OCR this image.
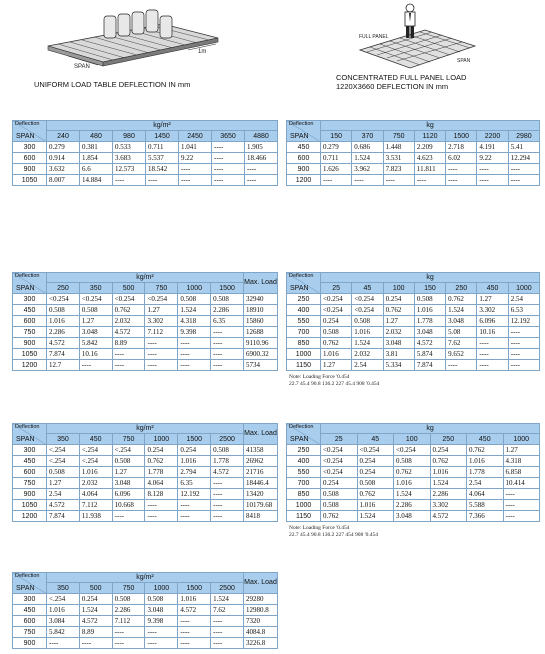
SPAN
1m
UNIFORM LOAD TABLE DEFLECTION IN mm
FULL PANEL
SPAN
CONCENTRATED FULL PANEL LOAD
1220X3660 DEFLECTION IN mm
Deflection
SPAN	kg/m²						
	240	480	980	1450	2450	3650	4880
300	0.279	0.381	0.533	0.711	1.041	----	1.905
600	0.914	1.854	3.683	5.537	9.22	----	18.466
900	3.632	6.6	12.573	18.542	----	----	----
1050	8.007	14.884	----	----	----	----	----
Deflection
SPAN	kg						
	150	370	750	1120	1500	2200	2980
450	0.279	0.686	1.448	2.209	2.718	4.191	5.41
600	0.711	1.524	3.531	4.623	6.02	9.22	12.294
900	1.626	3.962	7.823	11.811	----	----	----
1200	----	----	----	----	----	----	----
Deflection
SPAN	kg/m²						Max. Load
	250	350	500	750	1000	1500	
300	<0.254	<0.254	<0.254	<0.254	0.508	0.508	32940
450	0.508	0.508	0.762	1.27	1.524	2.286	18910
600	1.016	1.27	2.032	3.302	4.318	6.35	15860
750	2.286	3.048	4.572	7.112	9.398	----	12688
900	4.572	5.842	8.89	----	----	----	9110.96
1050	7.874	10.16	----	----	----	----	6900.32
1200	12.7	----	----	----	----	----	5734
Deflection
SPAN	kg						
	25	45	100	150	250	450	1000
250	<0.254	<0.254	0.254	0.508	0.762	1.27	2.54
400	<0.254	<0.254	0.762	1.016	1.524	3.302	6.53
550	0.254	0.508	1.27	1.778	3.048	6.096	12.192
700	0.508	1.016	2.032	3.048	5.08	10.16	----
850	0.762	1.524	3.048	4.572	7.62	----	----
1000	1.016	2.032	3.81	5.874	9.652	----	----
1150	1.27	2.54	5.334	7.874	----	----	----
Note: Loading Force '0.454
22.7 45.4 90.8 136.2 227 45.4 908 '0.454
Deflection
SPAN	kg/m²						Max. Load
	350	450	750	1000	1500	2500	
300	<.254	<.254	<.254	0.254	0.254	0.508	41358
450	<.254	<.254	0.508	0.762	1.016	1.778	26962
600	0.508	1.016	1.27	1.778	2.794	4.572	21716
750	1.27	2.032	3.048	4.064	6.35	----	18446.4
900	2.54	4.064	6.096	8.128	12.192	----	13420
1050	4.572	7.112	10.668	----	----	----	10179.68
1200	7.874	11.938	----	----	----	----	8418
Deflection
SPAN	kg					
	25	45	100	250	450	1000
250	<0.254	<0.254	<0.254	0.254	0.762	1.27
400	<0.254	0.254	0.508	0.762	1.016	4.318
550	<0.254	0.254	0.762	1.016	1.778	6.858
700	0.254	0.508	1.016	1.524	2.54	10.414
850	0.508	0.762	1.524	2.286	4.064	----
1000	0.508	1.016	2.286	3.302	5.588	----
1150	0.762	1.524	3.048	4.572	7.366	----
Note: Loading Force '0.454
22.7 45.4 90.8 136.2 227 454 908 '0.454
Deflection
SPAN	kg/m²						Max. Load
	350	500	750	1000	1500	2500	
300	<.254	0.254	0.508	0.508	1.016	1.524	29280
450	1.016	1.524	2.286	3.048	4.572	7.62	12980.8
600	3.084	4.572	7.112	9.398	----	----	7320
750	5.842	8.89	----	----	----	----	4084.8
900	----	----	----	----	----	----	3226.8
